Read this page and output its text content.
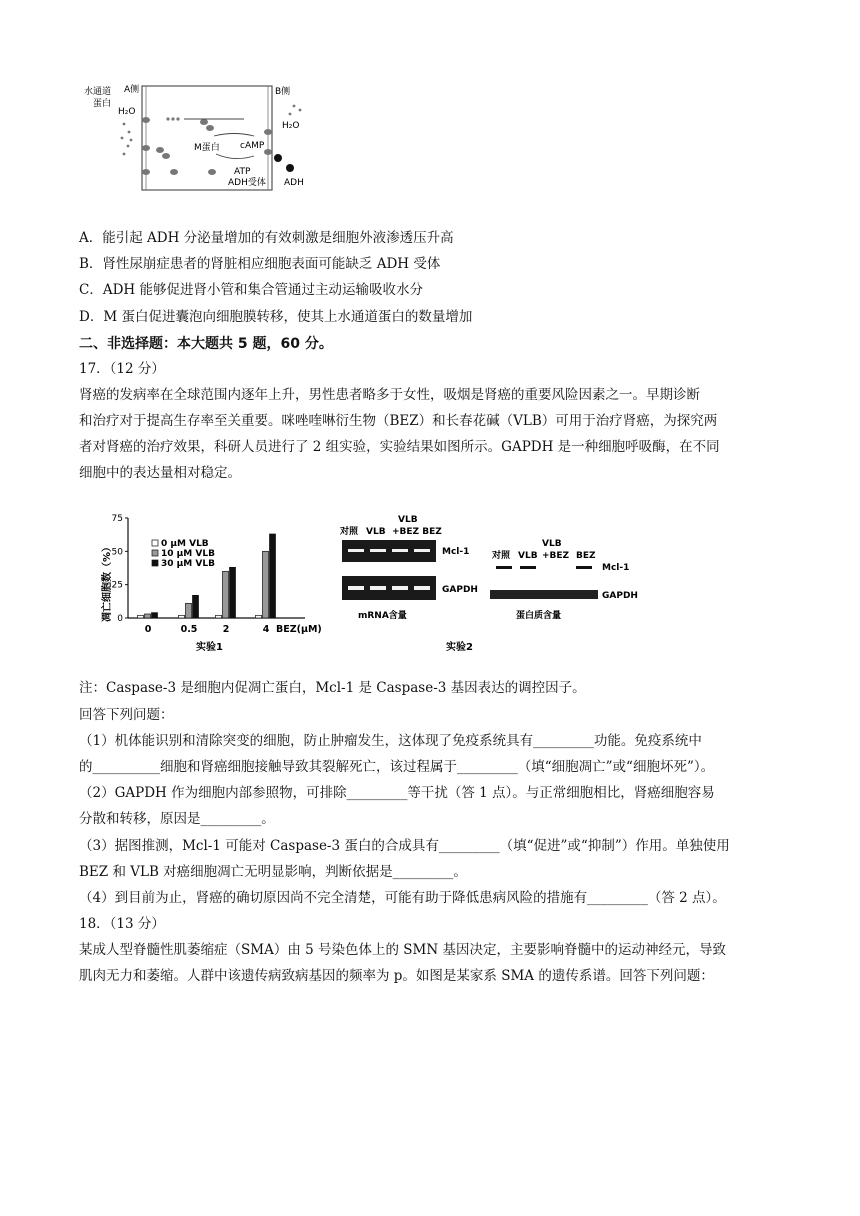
水通道
蛋白
A侧	B侧
H₂O
H₂O
M蛋白 cAMP
ATP
ADH受体 ADH
A．能引起 ADH 分泌量增加的有效刺激是细胞外液渗透压升高
B．肾性尿崩症患者的肾脏相应细胞表面可能缺乏 ADH 受体
C．ADH 能够促进肾小管和集合管通过主动运输吸收水分
D．M 蛋白促进囊泡向细胞膜转移，使其上水通道蛋白的数量增加
二、非选择题：本大题共 5 题，60 分。
17．（12 分）
肾癌的发病率在全球范围内逐年上升，男性患者略多于女性，吸烟是肾癌的重要风险因素之一。早期诊断
和治疗对于提高生存率至关重要。咪唑喹啉衍生物（BEZ）和长春花碱（VLB）可用于治疗肾癌，为探究两
者对肾癌的治疗效果，科研人员进行了 2 组实验，实验结果如图所示。GAPDH 是一种细胞呼吸酶，在不同
细胞中的表达量相对稳定。
凋亡细胞数（%） 0
25
50
75
0	0.5	2	4 BEZ(μM)
实验1
0 μM VLB
10 μM VLB
30 μM VLB
VLB
对照 VLB +BEZ BEZ
Mcl-1
GAPDH
mRNA含量
VLB
对照 VLB +BEZ BEZ
Mcl-1
GAPDH
蛋白质含量
实验2
注：Caspase-3 是细胞内促凋亡蛋白，Mcl-1 是 Caspase-3 基因表达的调控因子。
回答下列问题：
（1）机体能识别和清除突变的细胞，防止肿瘤发生，这体现了免疫系统具有_________功能。免疫系统中
的__________细胞和肾癌细胞接触导致其裂解死亡，该过程属于_________（填“细胞凋亡”或“细胞坏死”）。
（2）GAPDH 作为细胞内部参照物，可排除_________等干扰（答 1 点）。与正常细胞相比，肾癌细胞容易
分散和转移，原因是_________。
（3）据图推测，Mcl-1 可能对 Caspase-3 蛋白的合成具有_________（填“促进”或“抑制”）作用。单独使用
BEZ 和 VLB 对癌细胞凋亡无明显影响，判断依据是_________。
（4）到目前为止，肾癌的确切原因尚不完全清楚，可能有助于降低患病风险的措施有_________（答 2 点）。
18．（13 分）
某成人型脊髓性肌萎缩症（SMA）由 5 号染色体上的 SMN 基因决定，主要影响脊髓中的运动神经元，导致
肌肉无力和萎缩。人群中该遗传病致病基因的频率为 p。如图是某家系 SMA 的遗传系谱。回答下列问题：
